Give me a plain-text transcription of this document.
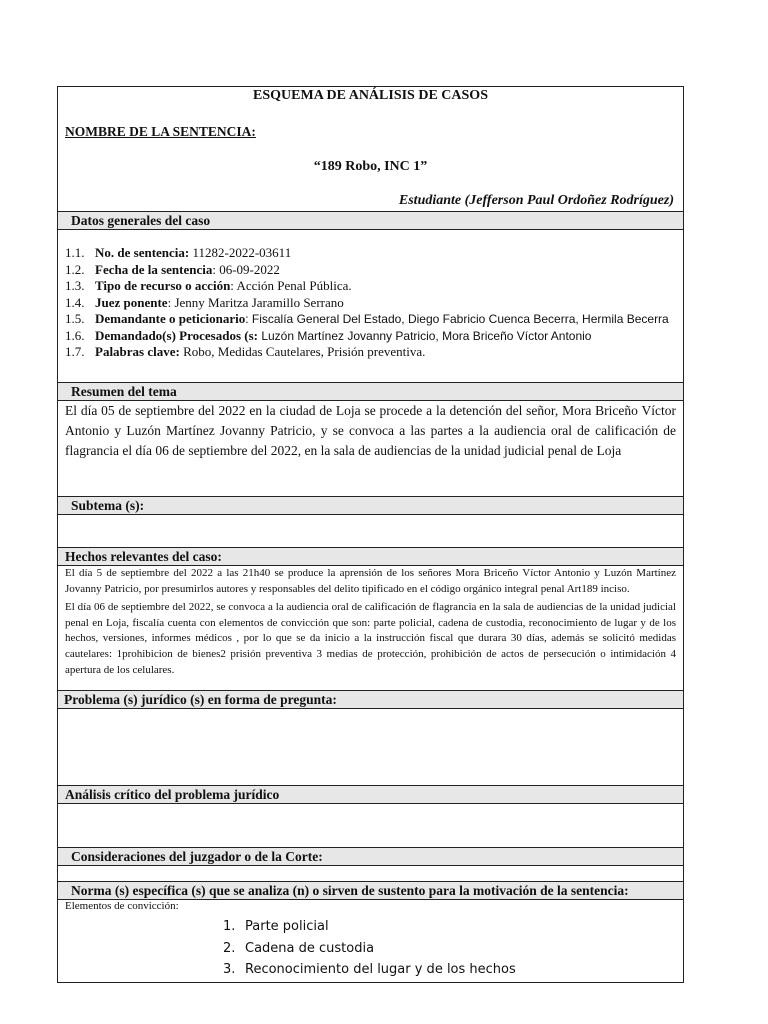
ESQUEMA DE ANÁLISIS DE CASOS
NOMBRE DE LA SENTENCIA:
“189 Robo, INC 1”
Estudiante (Jefferson Paul Ordoñez Rodríguez)
Datos generales del caso
1.1. No. de sentencia: 11282-2022-03611
1.2. Fecha de la sentencia: 06-09-2022
1.3. Tipo de recurso o acción: Acción Penal Pública.
1.4. Juez ponente: Jenny Maritza Jaramillo Serrano
1.5. Demandante o peticionario: Fiscalía General Del Estado, Diego Fabricio Cuenca Becerra, Hermila Becerra
1.6. Demandado(s) Procesados (s: Luzón Martínez Jovanny Patricio, Mora Briceño Víctor Antonio
1.7. Palabras clave: Robo, Medidas Cautelares, Prisión preventiva.
Resumen del tema
El día 05 de septiembre del 2022 en la ciudad de Loja se procede a la detención del señor, Mora Briceño Víctor Antonio y Luzón Martínez Jovanny Patricio, y se convoca a las partes a la audiencia oral de calificación de flagrancia el día 06 de septiembre del 2022, en la sala de audiencias de la unidad judicial penal de Loja
Subtema (s):
Hechos relevantes del caso:

El día 5 de septiembre del 2022 a las 21h40 se produce la aprensión de los señores Mora Briceño Víctor Antonio y Luzón Martínez Jovanny Patricio, por presumirlos autores y responsables del delito tipificado en el código orgánico integral penal Art189 inciso.

El día 06 de septiembre del 2022, se convoca a la audiencia oral de calificación de flagrancia en la sala de audiencias de la unidad judicial penal en Loja, fiscalía cuenta con elementos de convicción que son: parte policial, cadena de custodia, reconocimiento de lugar y de los hechos, versiones, informes médicos , por lo que se da inicio a la instrucción fiscal que durara 30 días, además se solicitó medidas cautelares: 1prohibicion de bienes2 prisión preventiva 3 medias de protección, prohibición de actos de persecución o intimidación 4 apertura de los celulares.

Problema (s) jurídico (s) en forma de pregunta:
Análisis crítico del problema jurídico
Consideraciones del juzgador o de la Corte:
Norma (s) específica (s) que se analiza (n) o sirven de sustento para la motivación de la sentencia:
Elementos de convicción:
1. Parte policial
2. Cadena de custodia
3. Reconocimiento del lugar y de los hechos
